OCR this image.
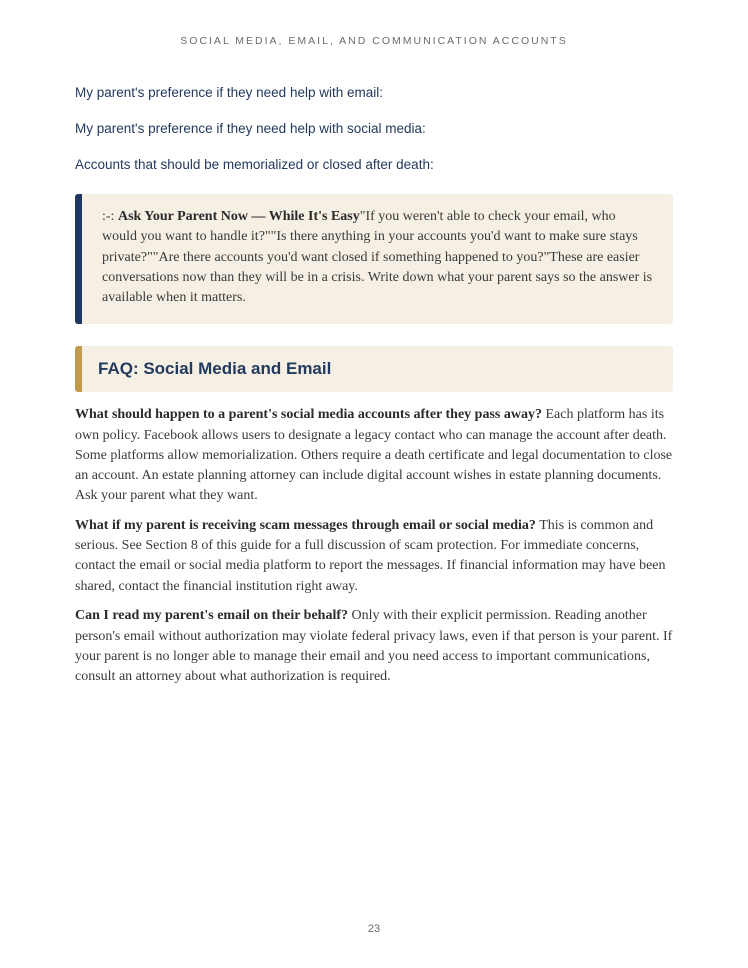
SOCIAL MEDIA, EMAIL, AND COMMUNICATION ACCOUNTS

My parent's preference if they need help with email:

My parent's preference if they need help with social media:

Accounts that should be memorialized or closed after death:

:-: Ask Your Parent Now — While It's Easy"If you weren't able to check your email, who would you want to handle it?""Is there anything in your accounts you'd want to make sure stays private?""Are there accounts you'd want closed if something happened to you?"These are easier conversations now than they will be in a crisis. Write down what your parent says so the answer is available when it matters.
FAQ: Social Media and Email

What should happen to a parent's social media accounts after they pass away? Each platform has its own policy. Facebook allows users to designate a legacy contact who can manage the account after death. Some platforms allow memorialization. Others require a death certificate and legal documentation to close an account. An estate planning attorney can include digital account wishes in estate planning documents. Ask your parent what they want.

What if my parent is receiving scam messages through email or social media? This is common and serious. See Section 8 of this guide for a full discussion of scam protection. For immediate concerns, contact the email or social media platform to report the messages. If financial information may have been shared, contact the financial institution right away.

Can I read my parent's email on their behalf? Only with their explicit permission. Reading another person's email without authorization may violate federal privacy laws, even if that person is your parent. If your parent is no longer able to manage their email and you need access to important communications, consult an attorney about what authorization is required.

23
